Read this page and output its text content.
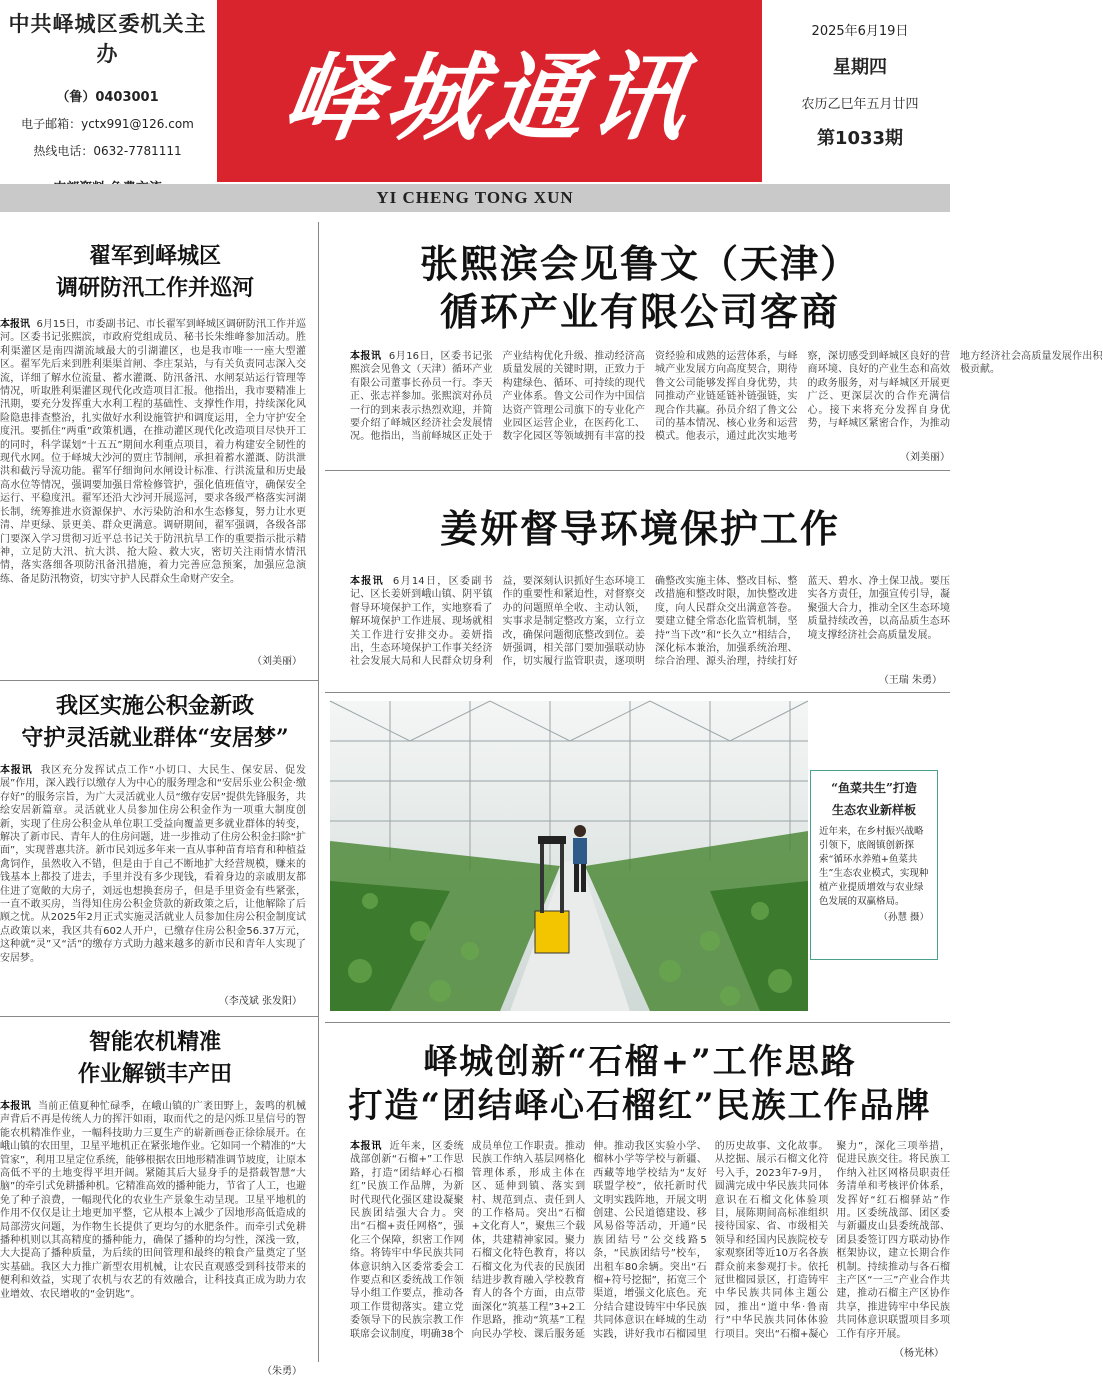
中共峄城区委机关主办
（鲁）0403001
电子邮箱：yctx991@126.com
热线电话：0632-7781111 峄城通讯
2025年6月19日
星期四
农历乙巳年五月廿四
第1033期
YI CHENG TONG XUN
翟军到峄城区
调研防汛工作并巡河
本报讯 6月15日，市委副书记、市长翟军到峄城区调研防汛工作并巡河。区委书记张熙滨，市政府党组成员、秘书长朱维峰参加活动。胜利渠灌区是南四湖流域最大的引湖灌区，也是我市唯一一座大型灌区。翟军先后来到胜利渠渠首闸、李庄泵站，与有关负责同志深入交流，详细了解水位流量、蓄水灌溉、防汛备汛、水闸泵站运行管理等情况，听取胜利渠灌区现代化改造项目汇报。他指出，我市要精准上汛期，要充分发挥重大水利工程的基础性、支撑性作用，持续深化风险隐患排查整治，扎实做好水利设施管护和调度运用，全力守护安全度汛。要抓住“两重”政策机遇，在推动灌区现代化改造项目尽快开工的同时，科学谋划“十五五”期间水利重点项目，着力构建安全韧性的现代水网。位于峄城大沙河的贾庄节制闸，承担着蓄水灌溉、防洪泄洪和截污导流功能。翟军仔细询问水闸设计标准、行洪流量和历史最高水位等情况，强调要加强日常检修管护，强化值班值守，确保安全运行、平稳度汛。翟军还沿大沙河开展巡河，要求各级严格落实河湖长制，统筹推进水资源保护、水污染防治和水生态修复，努力让水更清、岸更绿、景更美、群众更满意。调研期间，翟军强调，各级各部门要深入学习贯彻习近平总书记关于防汛抗旱工作的重要指示批示精神，立足防大汛、抗大洪、抢大险、救大灾，密切关注雨情水情汛情，落实落细各项防汛备汛措施，着力完善应急预案，加强应急演练、备足防汛物资，切实守护人民群众生命财产安全。
（刘美丽）
张熙滨会见鲁文（天津）
循环产业有限公司客商
本报讯 6月16日，区委书记张熙滨会见鲁文（天津）循环产业有限公司董事长孙员一行。李天正、张志祥参加。张熙滨对孙员一行的到来表示热烈欢迎，并简要介绍了峄城区经济社会发展情况。他指出，当前峄城区正处于产业结构优化升级、推动经济高质量发展的关键时期，正致力于构建绿色、循环、可持续的现代产业体系。鲁文公司作为中国信达资产管理公司旗下的专业化产业园区运营企业，在医药化工、数字化园区等领域拥有丰富的投资经验和成熟的运营体系，与峄城产业发展方向高度契合，期待鲁文公司能够发挥自身优势，共同推动产业链延链补链强链，实现合作共赢。孙员介绍了鲁文公司的基本情况、核心业务和运营模式。他表示，通过此次实地考察，深切感受到峄城区良好的营商环境、良好的产业生态和高效的政务服务，对与峄城区开展更广泛、更深层次的合作充满信心。接下来将充分发挥自身优势，与峄城区紧密合作，为推动地方经济社会高质量发展作出积极贡献。
（刘美丽）
姜妍督导环境保护工作
本报讯 6月14日，区委副书记、区长姜妍到峨山镇、阴平镇督导环境保护工作，实地察看了解环境保护工作进展、现场就相关工作进行安排交办。姜妍指出，生态环境保护工作事关经济社会发展大局和人民群众切身利益，要深刻认识抓好生态环境工作的重要性和紧迫性，对督察交办的问题照单全收、主动认领，实事求是制定整改方案，立行立改，确保问题彻底整改到位。姜妍强调，相关部门要加强联动协作，切实履行监管职责，逐项明确整改实施主体、整改目标、整改措施和整改时限，加快整改进度，向人民群众交出满意答卷。要建立健全常态化监管机制，坚持“当下改”和“长久立”相结合，深化标本兼治，加强系统治理、综合治理、源头治理，持续打好蓝天、碧水、净土保卫战。要压实各方责任，加强宣传引导，凝聚强大合力，推动全区生态环境质量持续改善，以高品质生态环境支撑经济社会高质量发展。
（王瑞 朱勇）
我区实施公积金新政
守护灵活就业群体“安居梦”
本报讯 我区充分发挥试点工作“小切口、大民生、保安居、促发展”作用，深入践行以缴存人为中心的服务理念和“安居乐业公积金·缴存好”的服务宗旨，为广大灵活就业人员“缴存安居”提供先锋服务，共绘安居新篇章。灵活就业人员参加住房公积金作为一项重大制度创新，实现了住房公积金从单位职工受益向覆盖更多就业群体的转变，解决了新市民、青年人的住房问题，进一步推动了住房公积金扫除“扩面”，实现普惠共济。新市民刘远多年来一直从事种苗育培育和种植益禽饲作，虽然收入不错，但是由于自己不断地扩大经营规模，赚来的钱基本上都投了进去，手里并没有多少现钱，看着身边的亲戚朋友都住进了宽敞的大房子，刘远也想换套房子，但是手里资金有些紧张，一直不敢买房，当得知住房公积金贷款的新政策之后，让他解除了后顾之忧。从2025年2月正式实施灵活就业人员参加住房公积金制度试点政策以来，我区共有602人开户，已缴存住房公积金56.37万元，这种就“灵”又“活”的缴存方式助力越来越多的新市民和青年人实现了安居梦。
（李茂斌 张发阳）
“鱼菜共生”打造
生态农业新样板
近年来，在乡村振兴战略引领下，底阁镇创新探索“循环水养殖+鱼菜共生”生态农业模式，实现种植产业提质增效与农业绿色发展的双赢格局。
（孙慧 摄）
智能农机精准
作业解锁丰产田
本报讯 当前正值夏种忙碌季，在峨山镇的广袤田野上，轰鸣的机械声背后不再是传统人力的挥汗如雨，取而代之的是闪烁卫星信号的智能农机精准作业，一幅科技助力三夏生产的崭新画卷正徐徐展开。在峨山镇的农田里，卫星平地机正在紧张地作业。它如同一个精准的“大管家”，利用卫星定位系统，能够根据农田地形精准调节坡度，让原本高低不平的土地变得平坦开阔。紧随其后大显身手的是搭载智慧“大脑”的牵引式免耕播种机。它精准高效的播种能力，节省了人工，也避免了种子浪费，一幅现代化的农业生产景象生动呈现。卫星平地机的作用不仅仅是让土地更加平整，它从根本上减少了因地形高低造成的局部涝灾问题，为作物生长提供了更均匀的水肥条件。而牵引式免耕播种机则以其高精度的播种能力，确保了播种的均匀性，深浅一致，大大提高了播种质量，为后续的田间管理和最终的粮食产量奠定了坚实基础。我区大力推广新型农用机械，让农民直观感受到科技带来的便利和效益，实现了农机与农艺的有效融合，让科技真正成为助力农业增效、农民增收的“金钥匙”。
（朱勇）
峄城创新“石榴+”工作思路
打造“团结峄心石榴红”民族工作品牌
本报讯 近年来，区委统战部创新“石榴+”工作思路，打造“团结峄心石榴红”民族工作品牌，为新时代现代化强区建设凝聚民族团结强大合力。突出“石榴+责任网格”，强化三个保障，织密工作网络。将铸牢中华民族共同体意识纳入区委常委会工作要点和区委统战工作领导小组工作要点，推动各项工作贯彻落实。建立党委领导下的民族宗教工作联席会议制度，明确38个成员单位工作职责。推动民族工作纳入基层网格化管理体系，形成主体在区、延伸到镇、落实到村、规范到点、责任到人的工作格局。突出“石榴+文化育人”，聚焦三个载体，共建精神家园。聚力石榴文化特色教育，将以石榴文化为代表的民族团结进步教育融入学校教育育人的各个方面，由点带面深化“筑基工程”3+2工作思路，推动“筑基”工程向民办学校、课后服务延伸。推动我区实验小学、榴林小学等学校与新疆、西藏等地学校结为“友好联盟学校”，依托新时代文明实践阵地，开展文明创建、公民道德建设、移风易俗等活动，开通“民族团结号”公交线路5条，“民族团结号”校车，出租车80余辆。突出“石榴+符号挖掘”，拓宽三个渠道，增强文化底色。充分结合建设铸牢中华民族共同体意识在峄城的生动实践，讲好我市石榴园里的历史故事、文化故事。从挖掘、展示石榴文化符号入手，2023年7-9月，圆满完成中华民族共同体意识在石榴文化体验项目，展陈期间高标准组织接待国家、省、市级相关领导和经国内民族院校专家观察团等近10万名各族群众前来参观打卡。依托冠世榴园景区，打造铸牢中华民族共同体主题公园，推出“道中华·鲁南行”中华民族共同体体验行项目。突出“石榴+凝心聚力”，深化三项举措，促进民族交往。将民族工作纳入社区网格员职责任务清单和考核评价体系，发挥好“红石榴驿站”作用。区委统战部、团区委与新疆皮山县委统战部、团县委签订四方联动协作框架协议，建立长期合作机制。持续推动与各石榴主产区“一三”产业合作共建，推动石榴主产区协作共享，推进铸牢中华民族共同体意识联盟项目多项工作有序开展。
（杨光林）
